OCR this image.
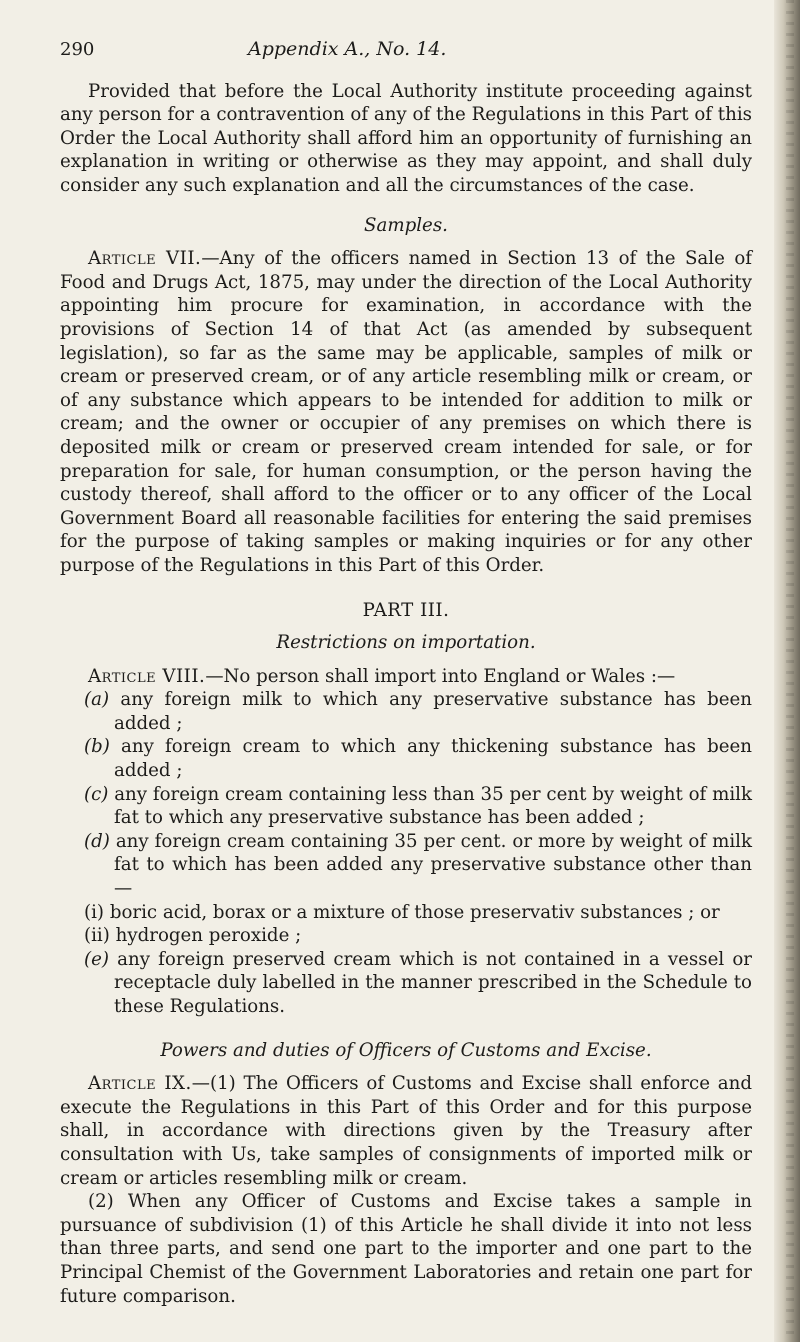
290	Appendix A., No. 14.

Provided that before the Local Authority institute proceeding against any person for a contravention of any of the Regulations in this Part of this Order the Local Authority shall afford him an opportunity of furnishing an explanation in writing or otherwise as they may appoint, and shall duly consider any such explanation and all the circumstances of the case.

Samples.

Article VII.—Any of the officers named in Section 13 of the Sale of Food and Drugs Act, 1875, may under the direction of the Local Authority appointing him procure for examination, in accordance with the provisions of Section 14 of that Act (as amended by subsequent legislation), so far as the same may be applicable, samples of milk or cream or preserved cream, or of any article resembling milk or cream, or of any substance which appears to be intended for addition to milk or cream; and the owner or occupier of any premises on which there is deposited milk or cream or preserved cream intended for sale, or for preparation for sale, for human consumption, or the person having the custody thereof, shall afford to the officer or to any officer of the Local Government Board all reasonable facilities for entering the said premises for the purpose of taking samples or making inquiries or for any other purpose of the Regulations in this Part of this Order.

PART III.
Restrictions on importation.

Article VIII.—No person shall import into England or Wales :—

(a) any foreign milk to which any preservative substance has been added ;
(b) any foreign cream to which any thickening substance has been added ;
(c) any foreign cream containing less than 35 per cent by weight of milk fat to which any preservative substance has been added ;
(d) any foreign cream containing 35 per cent. or more by weight of milk fat to which has been added any preservative substance other than—
(i) boric acid, borax or a mixture of those preservativ substances ; or
(ii) hydrogen peroxide ;
(e) any foreign preserved cream which is not contained in a vessel or receptacle duly labelled in the manner prescribed in the Schedule to these Regulations.
Powers and duties of Officers of Customs and Excise.

Article IX.—(1) The Officers of Customs and Excise shall enforce and execute the Regulations in this Part of this Order and for this purpose shall, in accordance with directions given by the Treasury after consultation with Us, take samples of consignments of imported milk or cream or articles resembling milk or cream.

(2) When any Officer of Customs and Excise takes a sample in pursuance of subdivision (1) of this Article he shall divide it into not less than three parts, and send one part to the importer and one part to the Principal Chemist of the Government Laboratories and retain one part for future comparison.
